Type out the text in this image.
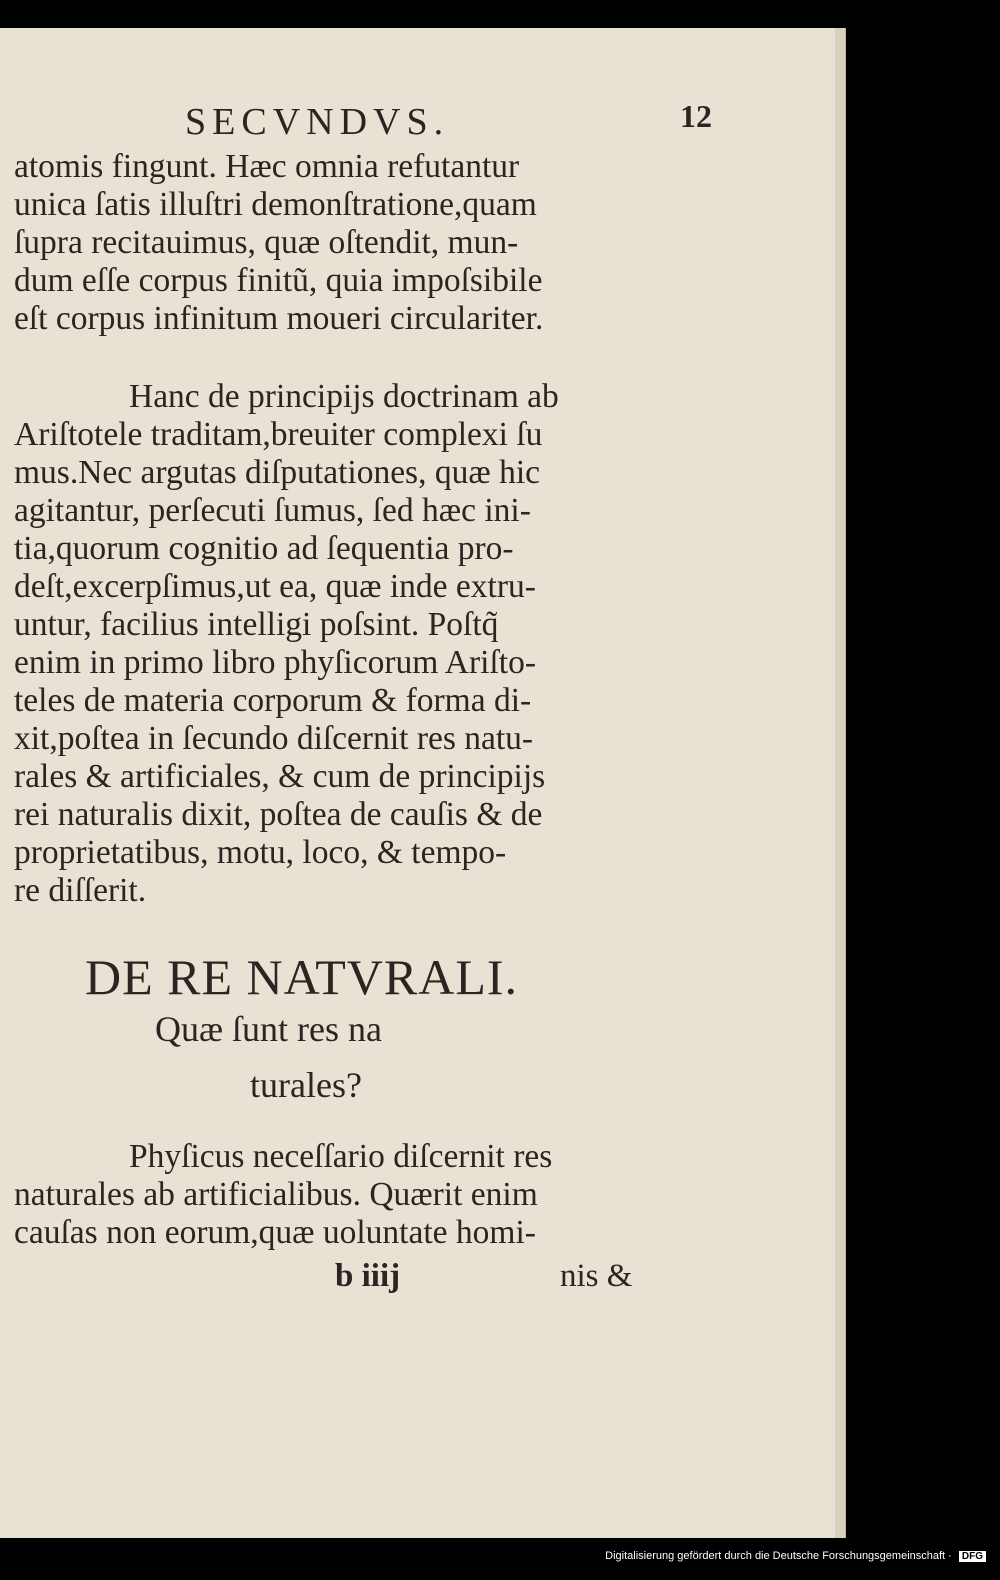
SECVNDVS.	12
atomis fingunt. Hæc omnia refutantur
unica ſatis illuſtri demonſtratione,quam
ſupra recitauimus, quæ oſtendit, mun-
dum eſſe corpus finitũ, quia impoſsibile
eſt corpus infinitum moueri circulariter.
Hanc de principijs doctrinam ab
Ariſtotele traditam,breuiter complexi ſu
mus.Nec argutas diſputationes, quæ hic
agitantur, perſecuti ſumus, ſed hæc ini-
tia,quorum cognitio ad ſequentia pro-
deſt,excerpſimus,ut ea, quæ inde extru-
untur, facilius intelligi poſsint. Poſtq̃
enim in primo libro phyſicorum Ariſto-
teles de materia corporum & forma di-
xit,poſtea in ſecundo diſcernit res natu-
rales & artificiales, & cum de principijs
rei naturalis dixit, poſtea de cauſis & de
proprietatibus, motu, loco, & tempo-
re diſſerit.
DE RE NATVRALI.
Quæ ſunt res na
turales?
Phyſicus neceſſario diſcernit res
naturales ab artificialibus. Quærit enim
cauſas non eorum,quæ uoluntate homi-
b iiij	nis &
Digitalisierung gefördert durch die Deutsche Forschungsgemeinschaft · DFG
